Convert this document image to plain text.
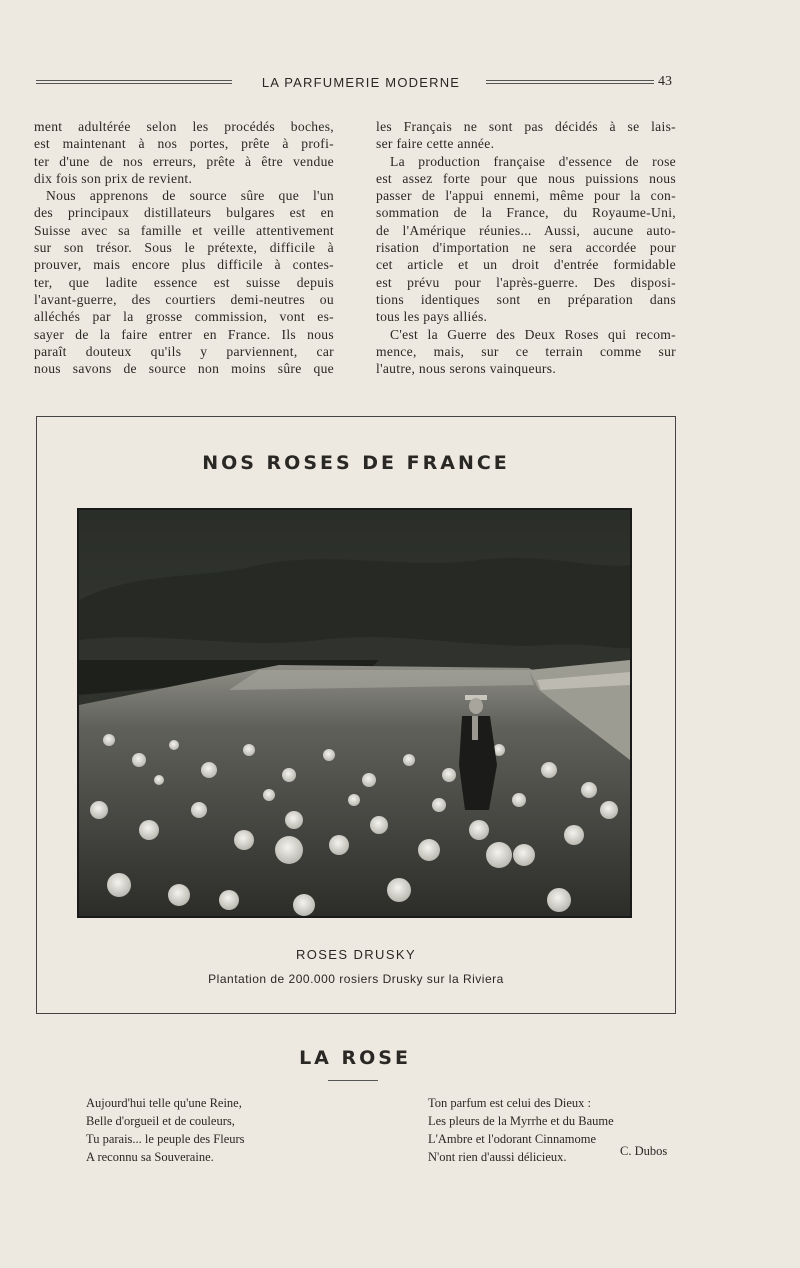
LA PARFUMERIE MODERNE	43
ment adultérée selon les procédés boches,
est maintenant à nos portes, prête à profi-
ter d'une de nos erreurs, prête à être vendue
dix fois son prix de revient.
Nous apprenons de source sûre que l'un
des principaux distillateurs bulgares est en
Suisse avec sa famille et veille attentivement
sur son trésor. Sous le prétexte, difficile à
prouver, mais encore plus difficile à contes-
ter, que ladite essence est suisse depuis
l'avant-guerre, des courtiers demi-neutres ou
alléchés par la grosse commission, vont es-
sayer de la faire entrer en France. Ils nous
paraît douteux qu'ils y parviennent, car
nous savons de source non moins sûre que
les Français ne sont pas décidés à se lais-
ser faire cette année.
La production française d'essence de rose
est assez forte pour que nous puissions nous
passer de l'appui ennemi, même pour la con-
sommation de la France, du Royaume-Uni,
de l'Amérique réunies... Aussi, aucune auto-
risation d'importation ne sera accordée pour
cet article et un droit d'entrée formidable
est prévu pour l'après-guerre. Des disposi-
tions identiques sont en préparation dans
tous les pays alliés.
C'est la Guerre des Deux Roses qui recom-
mence, mais, sur ce terrain comme sur
l'autre, nous serons vainqueurs.
NOS ROSES DE FRANCE
ROSES DRUSKY
Plantation de 200.000 rosiers Drusky sur la Riviera
LA ROSE
Aujourd'hui telle qu'une Reine,
Belle d'orgueil et de couleurs,
Tu parais... le peuple des Fleurs
A reconnu sa Souveraine.
Ton parfum est celui des Dieux :
Les pleurs de la Myrrhe et du Baume
L'Ambre et l'odorant Cinnamome
N'ont rien d'aussi délicieux.	C. Dubos
